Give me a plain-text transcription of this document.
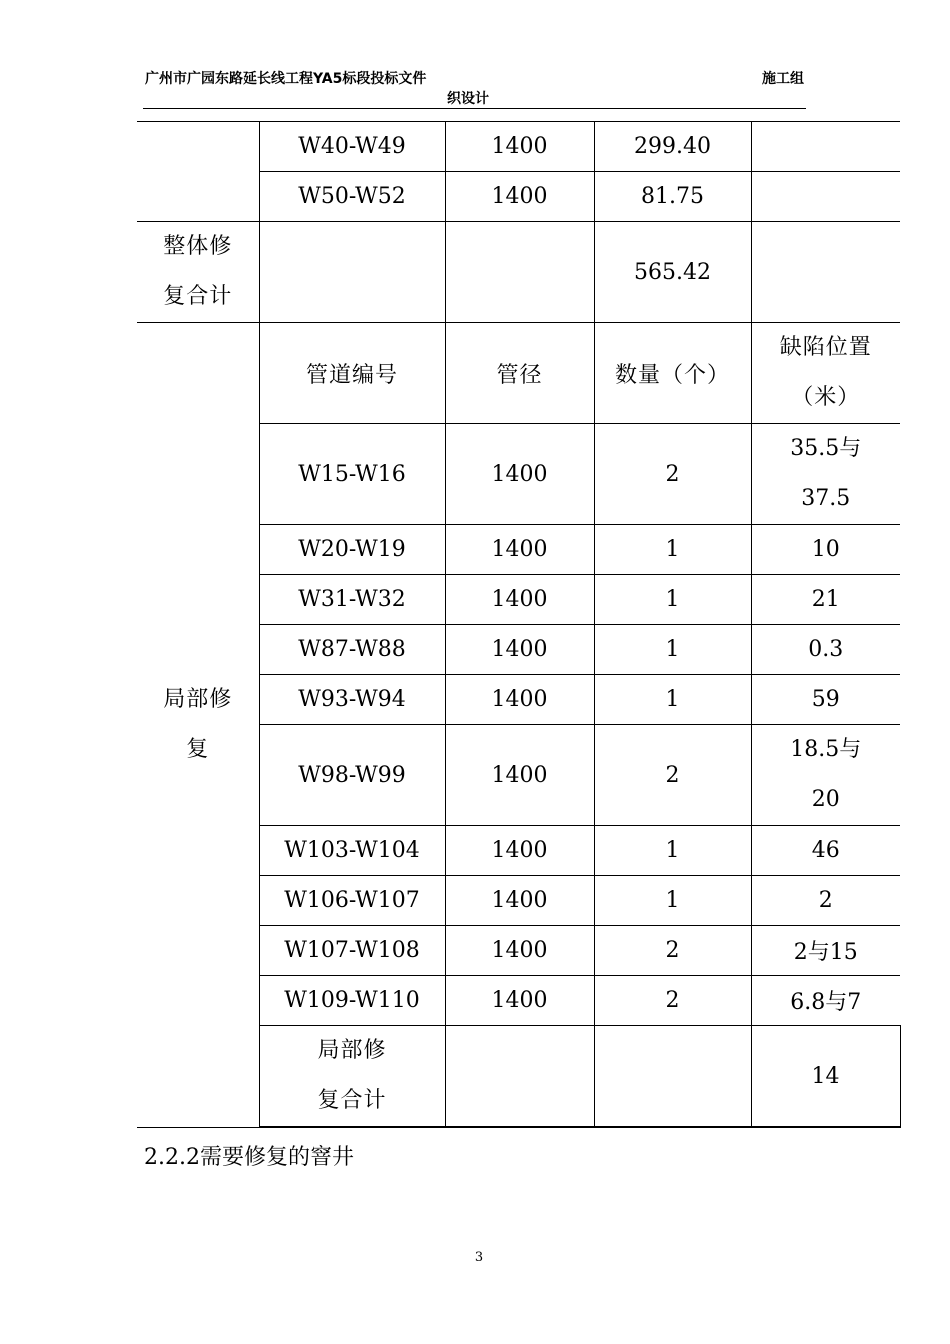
广州市广园东路延长线工程YA5标段投标文件	施工组
织设计
	W40-W49	1400	299.40		
	W50-W52	1400	81.75		
整体修
复合计			565.42		
局部修
复	管道编号	管径	数量（个）	缺陷位置
（米）	
	W15-W16	1400	2	35.5与
37.5	
	W20-W19	1400	1	10	
	W31-W32	1400	1	21	
	W87-W88	1400	1	0.3	
	W93-W94	1400	1	59	
	W98-W99	1400	2	18.5与
20	
	W103-W104	1400	1	46	
	W106-W107	1400	1	2	
	W107-W108	1400	2	2与15	
	W109-W110	1400	2	6.8与7	
	局部修
复合计			14	
2.2.2需要修复的窨井
3
